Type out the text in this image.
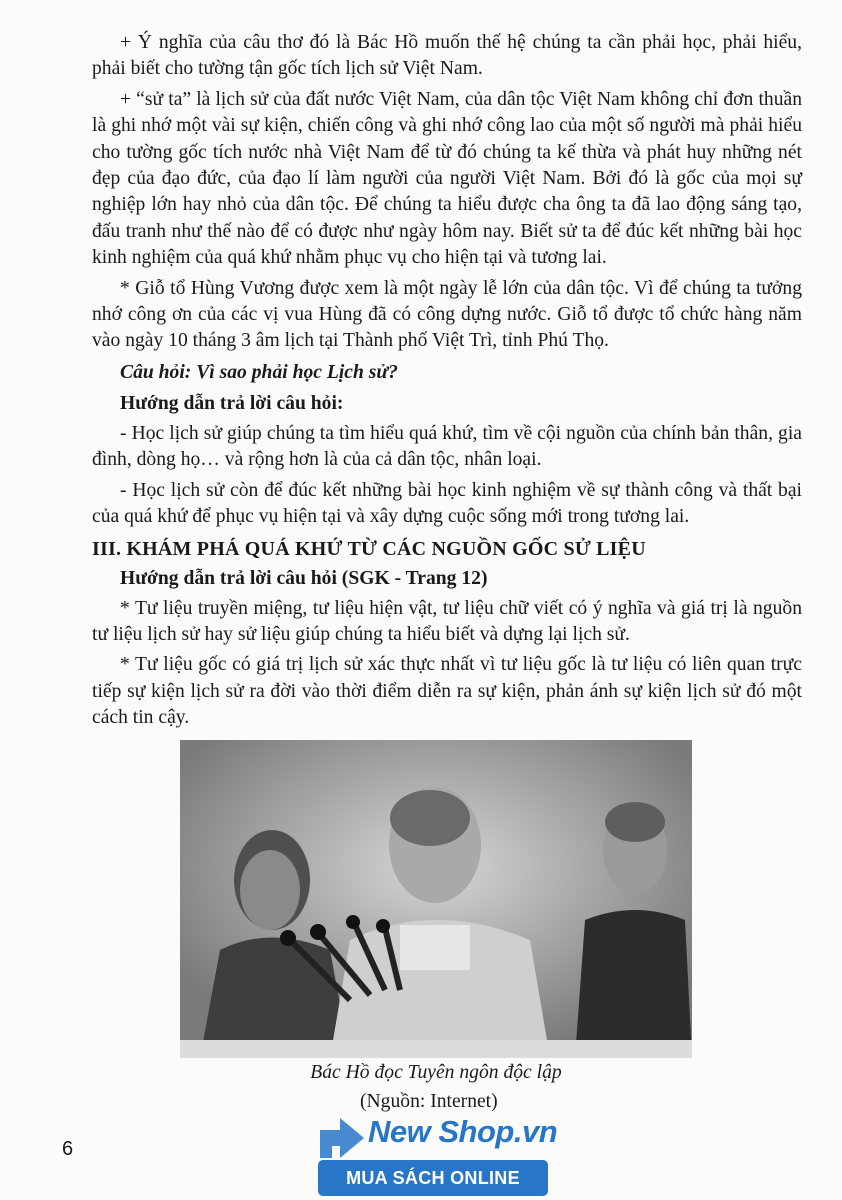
+ Ý nghĩa của câu thơ đó là Bác Hồ muốn thế hệ chúng ta cần phải học, phải hiểu, phải biết cho tường tận gốc tích lịch sử Việt Nam.

+ “sử ta” là lịch sử của đất nước Việt Nam, của dân tộc Việt Nam không chỉ đơn thuần là ghi nhớ một vài sự kiện, chiến công và ghi nhớ công lao của một số người mà phải hiểu cho tường gốc tích nước nhà Việt Nam để từ đó chúng ta kế thừa và phát huy những nét đẹp của đạo đức, của đạo lí làm người của người Việt Nam. Bởi đó là gốc của mọi sự nghiệp lớn hay nhỏ của dân tộc. Để chúng ta hiểu được cha ông ta đã lao động sáng tạo, đấu tranh như thế nào để có được như ngày hôm nay. Biết sử ta để đúc kết những bài học kinh nghiệm của quá khứ nhằm phục vụ cho hiện tại và tương lai.

* Giỗ tổ Hùng Vương được xem là một ngày lễ lớn của dân tộc. Vì để chúng ta tưởng nhớ công ơn của các vị vua Hùng đã có công dựng nước. Giỗ tổ được tổ chức hàng năm vào ngày 10 tháng 3 âm lịch tại Thành phố Việt Trì, tỉnh Phú Thọ.

Câu hỏi: Vì sao phải học Lịch sử?

Hướng dẫn trả lời câu hỏi:

- Học lịch sử giúp chúng ta tìm hiểu quá khứ, tìm về cội nguồn của chính bản thân, gia đình, dòng họ… và rộng hơn là của cả dân tộc, nhân loại.

- Học lịch sử còn để đúc kết những bài học kinh nghiệm về sự thành công và thất bại của quá khứ để phục vụ hiện tại và xây dựng cuộc sống mới trong tương lai.

III. KHÁM PHÁ QUÁ KHỨ TỪ CÁC NGUỒN GỐC SỬ LIỆU

Hướng dẫn trả lời câu hỏi (SGK - Trang 12)

* Tư liệu truyền miệng, tư liệu hiện vật, tư liệu chữ viết có ý nghĩa và giá trị là nguồn tư liệu lịch sử hay sử liệu giúp chúng ta hiểu biết và dựng lại lịch sử.

* Tư liệu gốc có giá trị lịch sử xác thực nhất vì tư liệu gốc là tư liệu có liên quan trực tiếp sự kiện lịch sử ra đời vào thời điểm diễn ra sự kiện, phản ánh sự kiện lịch sử đó một cách tin cậy.

Bác Hồ đọc Tuyên ngôn độc lập
(Nguồn: Internet)
6	New Shop.vn
MUA SÁCH ONLINE
